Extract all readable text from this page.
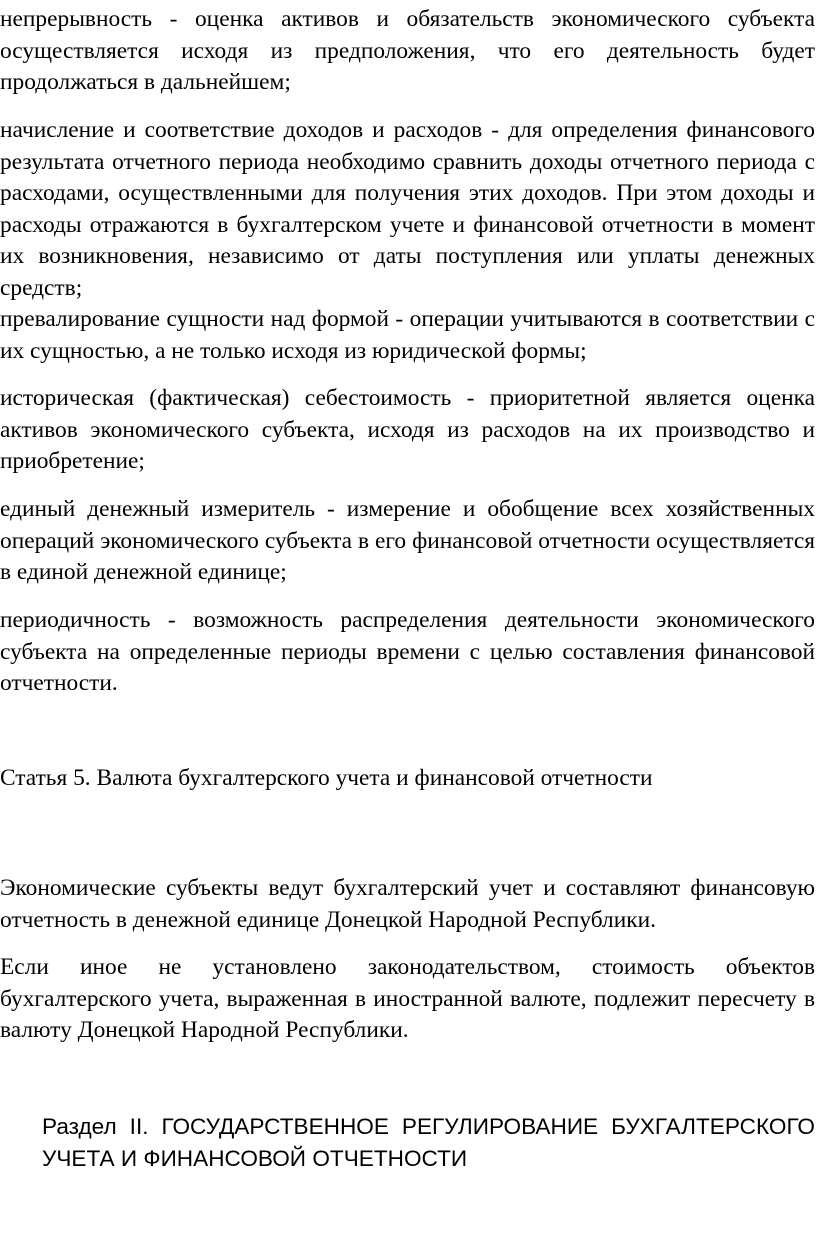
непрерывность - оценка активов и обязательств экономического субъекта осуществляется исходя из предположения, что его деятельность будет продолжаться в дальнейшем;

начисление и соответствие доходов и расходов - для определения финансового результата отчетного периода необходимо сравнить доходы отчетного периода с расходами, осуществленными для получения этих доходов. При этом доходы и расходы отражаются в бухгалтерском учете и финансовой отчетности в момент их возникновения, независимо от даты поступления или уплаты денежных средств;

превалирование сущности над формой - операции учитываются в соответствии с их сущностью, а не только исходя из юридической формы;

историческая (фактическая) себестоимость - приоритетной является оценка активов экономического субъекта, исходя из расходов на их производство и приобретение;

единый денежный измеритель - измерение и обобщение всех хозяйственных операций экономического субъекта в его финансовой отчетности осуществляется в единой денежной единице;

периодичность - возможность распределения деятельности экономического субъекта на определенные периоды времени с целью составления финансовой отчетности.

Статья 5. Валюта бухгалтерского учета и финансовой отчетности

Экономические субъекты ведут бухгалтерский учет и составляют финансовую отчетность в денежной единице Донецкой Народной Республики.

Если иное не установлено законодательством, стоимость объектов бухгалтерского учета, выраженная в иностранной валюте, подлежит пересчету в валюту Донецкой Народной Республики.

Раздел II. ГОСУДАРСТВЕННОЕ РЕГУЛИРОВАНИЕ БУХГАЛТЕРСКОГО УЧЕТА И ФИНАНСОВОЙ ОТЧЕТНОСТИ
